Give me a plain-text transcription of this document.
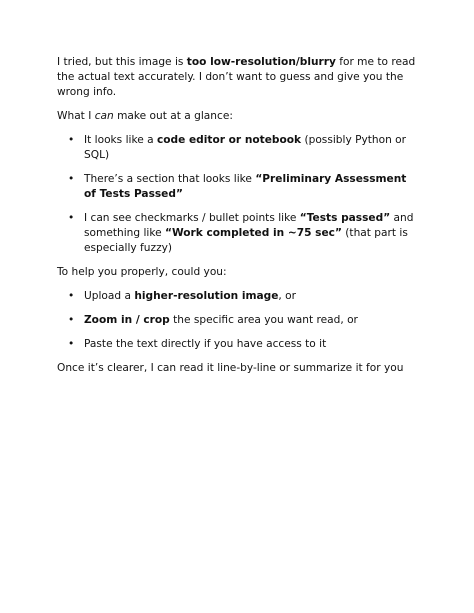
I tried, but this image is too low-resolution/blurry for me to read the actual text accurately. I don’t want to guess and give you the wrong info.

What I can make out at a glance:

• It looks like a code editor or notebook (possibly Python or SQL)
• There’s a section that looks like “Preliminary Assessment of Tests Passed”
• I can see checkmarks / bullet points like “Tests passed” and something like “Work completed in ~75 sec” (that part is especially fuzzy)

To help you properly, could you:

• Upload a higher-resolution image, or
• Zoom in / crop the specific area you want read, or
• Paste the text directly if you have access to it

Once it’s clearer, I can read it line-by-line or summarize it for you
